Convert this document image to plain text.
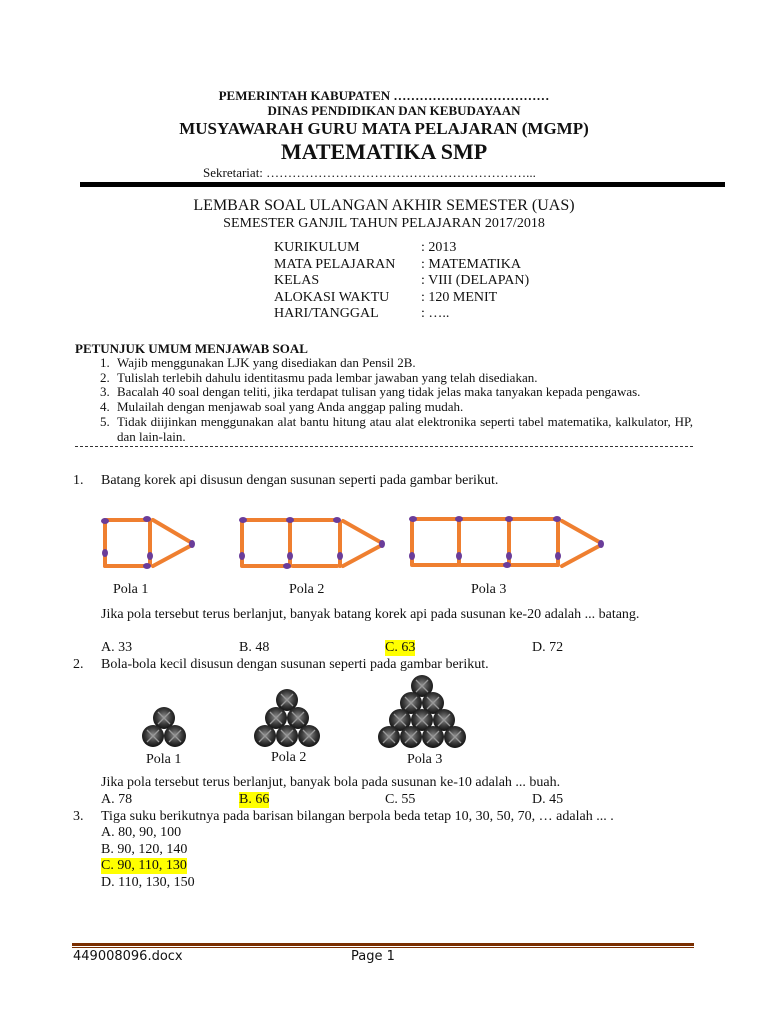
PEMERINTAH KABUPATEN ………………………………
DINAS PENDIDIKAN DAN KEBUDAYAAN
MUSYAWARAH GURU MATA PELAJARAN (MGMP)
MATEMATIKA SMP
Sekretariat: ……………………………………………………...
LEMBAR SOAL ULANGAN AKHIR SEMESTER (UAS)
SEMESTER GANJIL TAHUN PELAJARAN 2017/2018
KURIKULUM	: 2013
MATA PELAJARAN	: MATEMATIKA
KELAS	: VIII (DELAPAN)
ALOKASI WAKTU	: 120 MENIT
HARI/TANGGAL	: …..
PETUNJUK UMUM MENJAWAB SOAL
1. Wajib menggunakan LJK yang disediakan dan Pensil 2B.
2. Tulislah terlebih dahulu identitasmu pada lembar jawaban yang telah disediakan.
3. Bacalah 40 soal dengan teliti, jika terdapat tulisan yang tidak jelas maka tanyakan kepada pengawas.
4. Mulailah dengan menjawab soal yang Anda anggap paling mudah.
5. Tidak diijinkan menggunakan alat bantu hitung atau alat elektronika seperti tabel matematika, kalkulator, HP, dan lain-lain.
1. Batang korek api disusun dengan susunan seperti pada gambar berikut.
Pola 1	Pola 2	Pola 3
Jika pola tersebut terus berlanjut, banyak batang korek api pada susunan ke-20 adalah ... batang.
A. 33	B. 48	C. 63	D. 72
2. Bola-bola kecil disusun dengan susunan seperti pada gambar berikut.
Pola 1	Pola 2	Pola 3
Jika pola tersebut terus berlanjut, banyak bola pada susunan ke-10 adalah ... buah.
A. 78	B. 66	C. 55	D. 45
3. Tiga suku berikutnya pada barisan bilangan berpola beda tetap 10, 30, 50, 70, … adalah ... .
A. 80, 90, 100
B. 90, 120, 140
C. 90, 110, 130
D. 110, 130, 150
449008096.docx	Page 1
